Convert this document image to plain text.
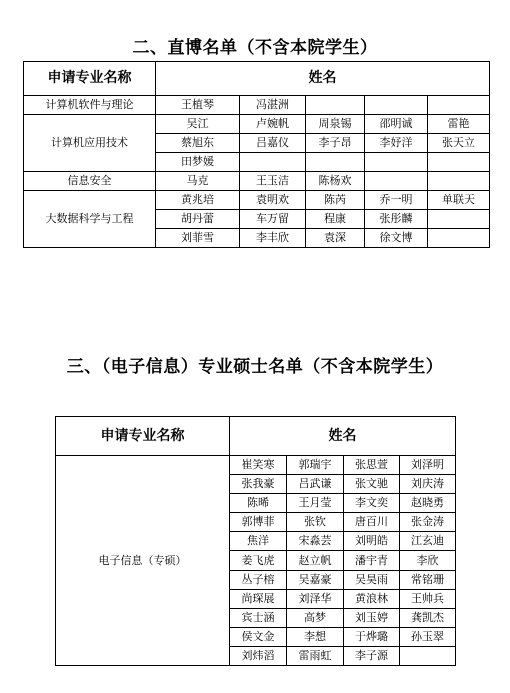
二、直博名单（不含本院学生）
申请专业名称	姓名				
计算机软件与理论	王植琴	冯湛洲			
计算机应用技术	吴江	卢婉帆	周泉锡	邵明诚	雷艳
	蔡旭东	吕嘉仪	李子昂	李妤洋	张天立
	田梦媛				
信息安全	马克	王玉洁	陈杨欢		
大数据科学与工程	黄兆培	袁明欢	陈芮	乔一明	单联天
	胡丹蕾	车万留	程康	张彤麟	
	刘菲雪	李丰欣	袁深	徐文博	
三、（电子信息）专业硕士名单（不含本院学生）
申请专业名称	姓名			
电子信息（专硕）	崔笑寒	郭瑞宇	张思萱	刘泽明
	张我豪	吕武谦	张文驰	刘庆涛
	陈晞	王月莹	李文奕	赵晓勇
	郭博菲	张钦	唐百川	张金涛
	焦洋	宋淼芸	刘明皓	江玄迪
	姜飞虎	赵立帆	潘宇青	李欣
	丛子榕	吴嘉豪	吴昊雨	常铭珊
	尚琛展	刘泽华	黄浪林	王帅兵
	宾士涵	高梦	刘玉婷	龚凯杰
	侯文金	李想	于烨璐	孙玉翠
	刘炜滔	雷雨虹	李子源	
